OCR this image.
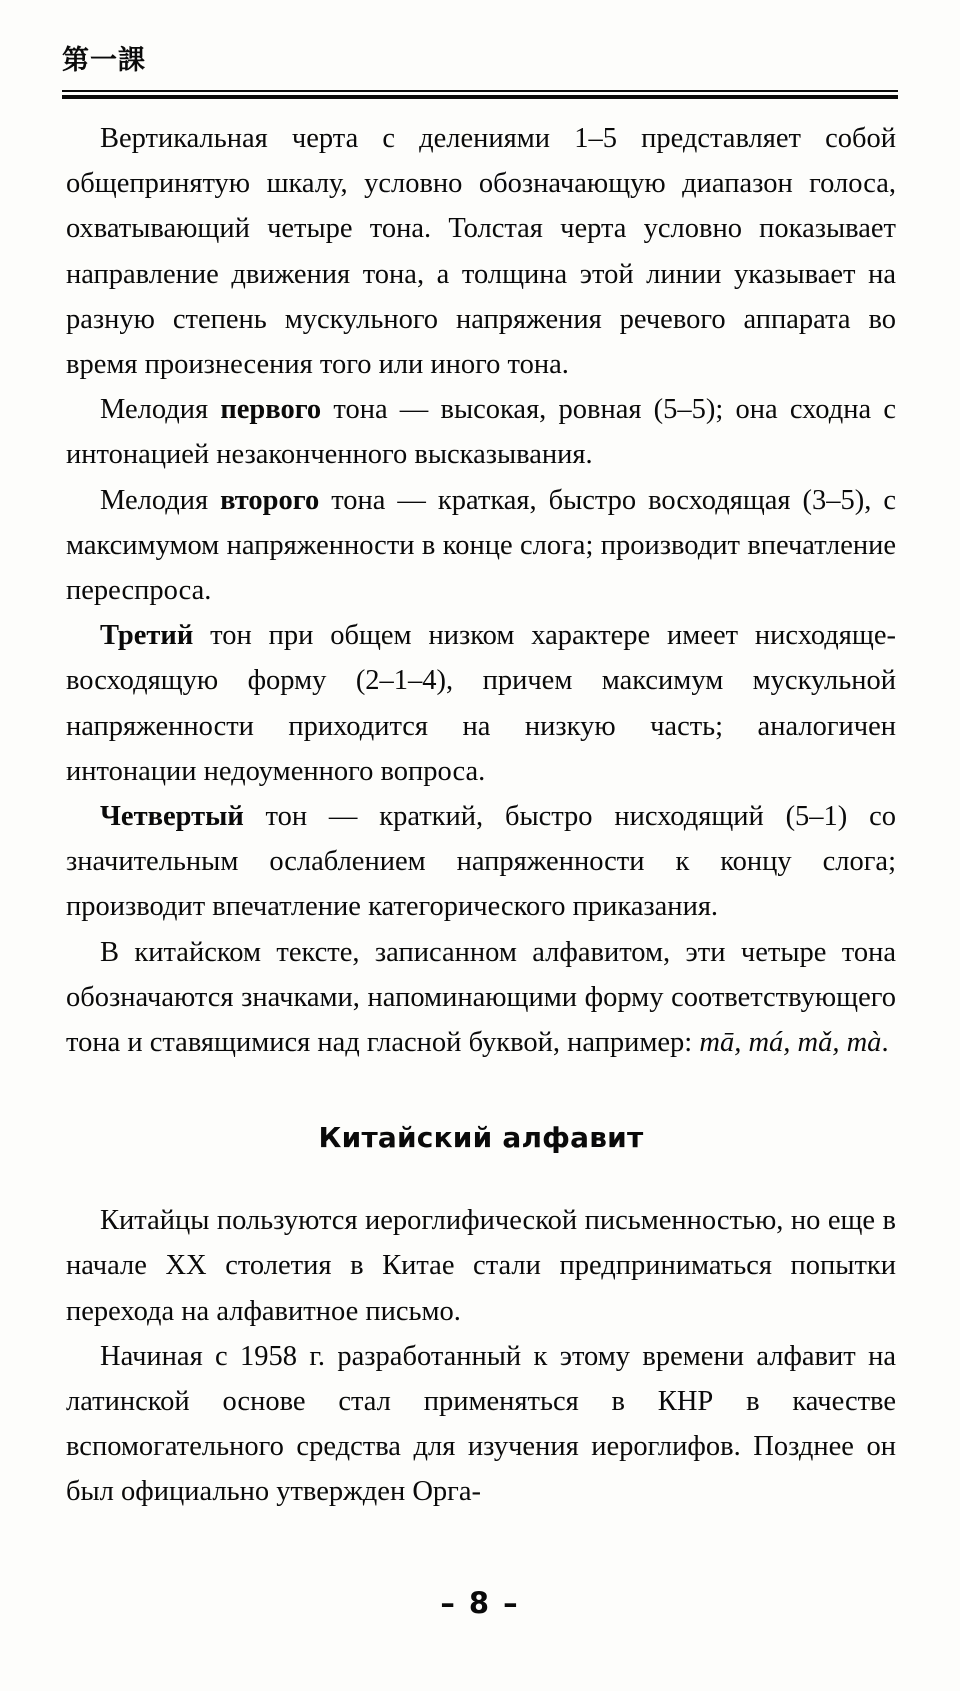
第一課

Вертикальная черта с делениями 1–5 представляет собой общепринятую шкалу, условно обозначающую диапазон голоса, охватывающий четыре тона. Толстая черта условно показывает направление движения тона, а толщина этой линии указывает на разную степень мускульного напряжения речевого аппарата во время произнесения того или иного тона.

Мелодия первого тона — высокая, ровная (5–5); она сходна с интонацией незаконченного высказывания.

Мелодия второго тона — краткая, быстро восходящая (3–5), с максимумом напряженности в конце слога; производит впечатление переспроса.

Третий тон при общем низком характере имеет нисходяще-восходящую форму (2–1–4), причем максимум мускульной напряженности приходится на низкую часть; аналогичен интонации недоуменного вопроса.

Четвертый тон — краткий, быстро нисходящий (5–1) со значительным ослаблением напряженности к концу слога; производит впечатление категорического приказания.

В китайском тексте, записанном алфавитом, эти четыре тона обозначаются значками, напоминающими форму соответствующего тона и ставящимися над гласной буквой, например: mā, má, mǎ, mà.

Китайский алфавит

Китайцы пользуются иероглифической письменностью, но еще в начале XX столетия в Китае стали предприниматься попытки перехода на алфавитное письмо.

Начиная с 1958 г. разработанный к этому времени алфавит на латинской основе стал применяться в КНР в качестве вспомогательного средства для изучения иероглифов. Позднее он был официально утвержден Орга-

– 8 –
